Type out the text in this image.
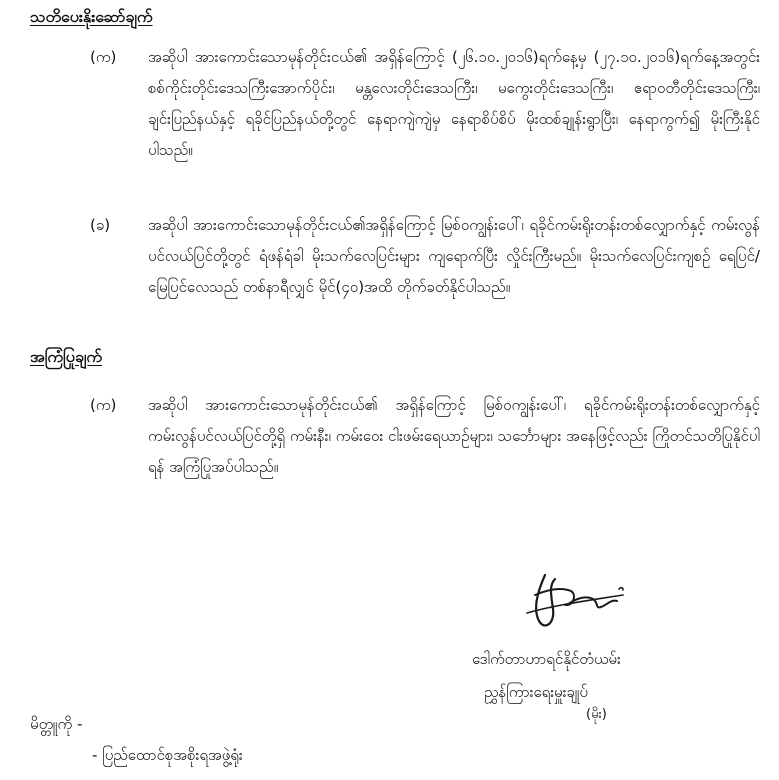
သတိပေးနိုးဆော်ချက်
(က)	အဆိုပါ အားကောင်းသောမုန်တိုင်းငယ်၏ အရှိန်ကြောင့် (၂၆.၁၀.၂၀၁၆)ရက်နေ့မှ (၂၇.၁၀.၂၀၁၆)ရက်နေ့အတွင်း စစ်ကိုင်းတိုင်းဒေသကြီးအောက်ပိုင်း၊ မန္တလေးတိုင်းဒေသကြီး၊ မကွေးတိုင်းဒေသကြီး၊ ဧရာဝတီတိုင်းဒေသကြီး၊ ချင်းပြည်နယ်နှင့် ရခိုင်ပြည်နယ်တို့တွင် နေရာကျဲကျဲမှ နေရာစိပ်စိပ် မိုးထစ်ချုန်းရွာပြီး၊ နေရာကွက်၍ မိုးကြီးနိုင်ပါသည်။
(ခ)	အဆိုပါ အားကောင်းသောမုန်တိုင်းငယ်၏အရှိန်ကြောင့် မြစ်ဝကျွန်းပေါ်၊ ရခိုင်ကမ်းရိုးတန်းတစ်လျှောက်နှင့် ကမ်းလွန်ပင်လယ်ပြင်တို့တွင် ရံဖန်ရံခါ မိုးသက်လေပြင်းများ ကျရောက်ပြီး လှိုင်းကြီးမည်။ မိုးသက်လေပြင်းကျစဉ် ရေပြင်/မြေပြင်လေသည် တစ်နာရီလျှင် မိုင်(၄၀)အထိ တိုက်ခတ်နိုင်ပါသည်။
အကြံပြုချက်
(က)	အဆိုပါ အားကောင်းသောမုန်တိုင်းငယ်၏ အရှိန်ကြောင့် မြစ်ဝကျွန်းပေါ်၊ ရခိုင်ကမ်းရိုးတန်းတစ်လျှောက်နှင့် ကမ်းလွန်ပင်လယ်ပြင်တို့ရှိ ကမ်းနီး၊ ကမ်းဝေး ငါးဖမ်းရေယာဉ်များ၊ သင်္ဘောများ အနေဖြင့်လည်း ကြိုတင်သတိပြုနိုင်ပါရန် အကြံပြုအပ်ပါသည်။
ဒေါက်တာဟာရင်နိုင်တံယမ်း
ညွှန်ကြားရေးမှူးချုပ်
(မိုး)
မိတ္တူကို -
- ပြည်ထောင်စုအစိုးရအဖွဲ့ရုံး
